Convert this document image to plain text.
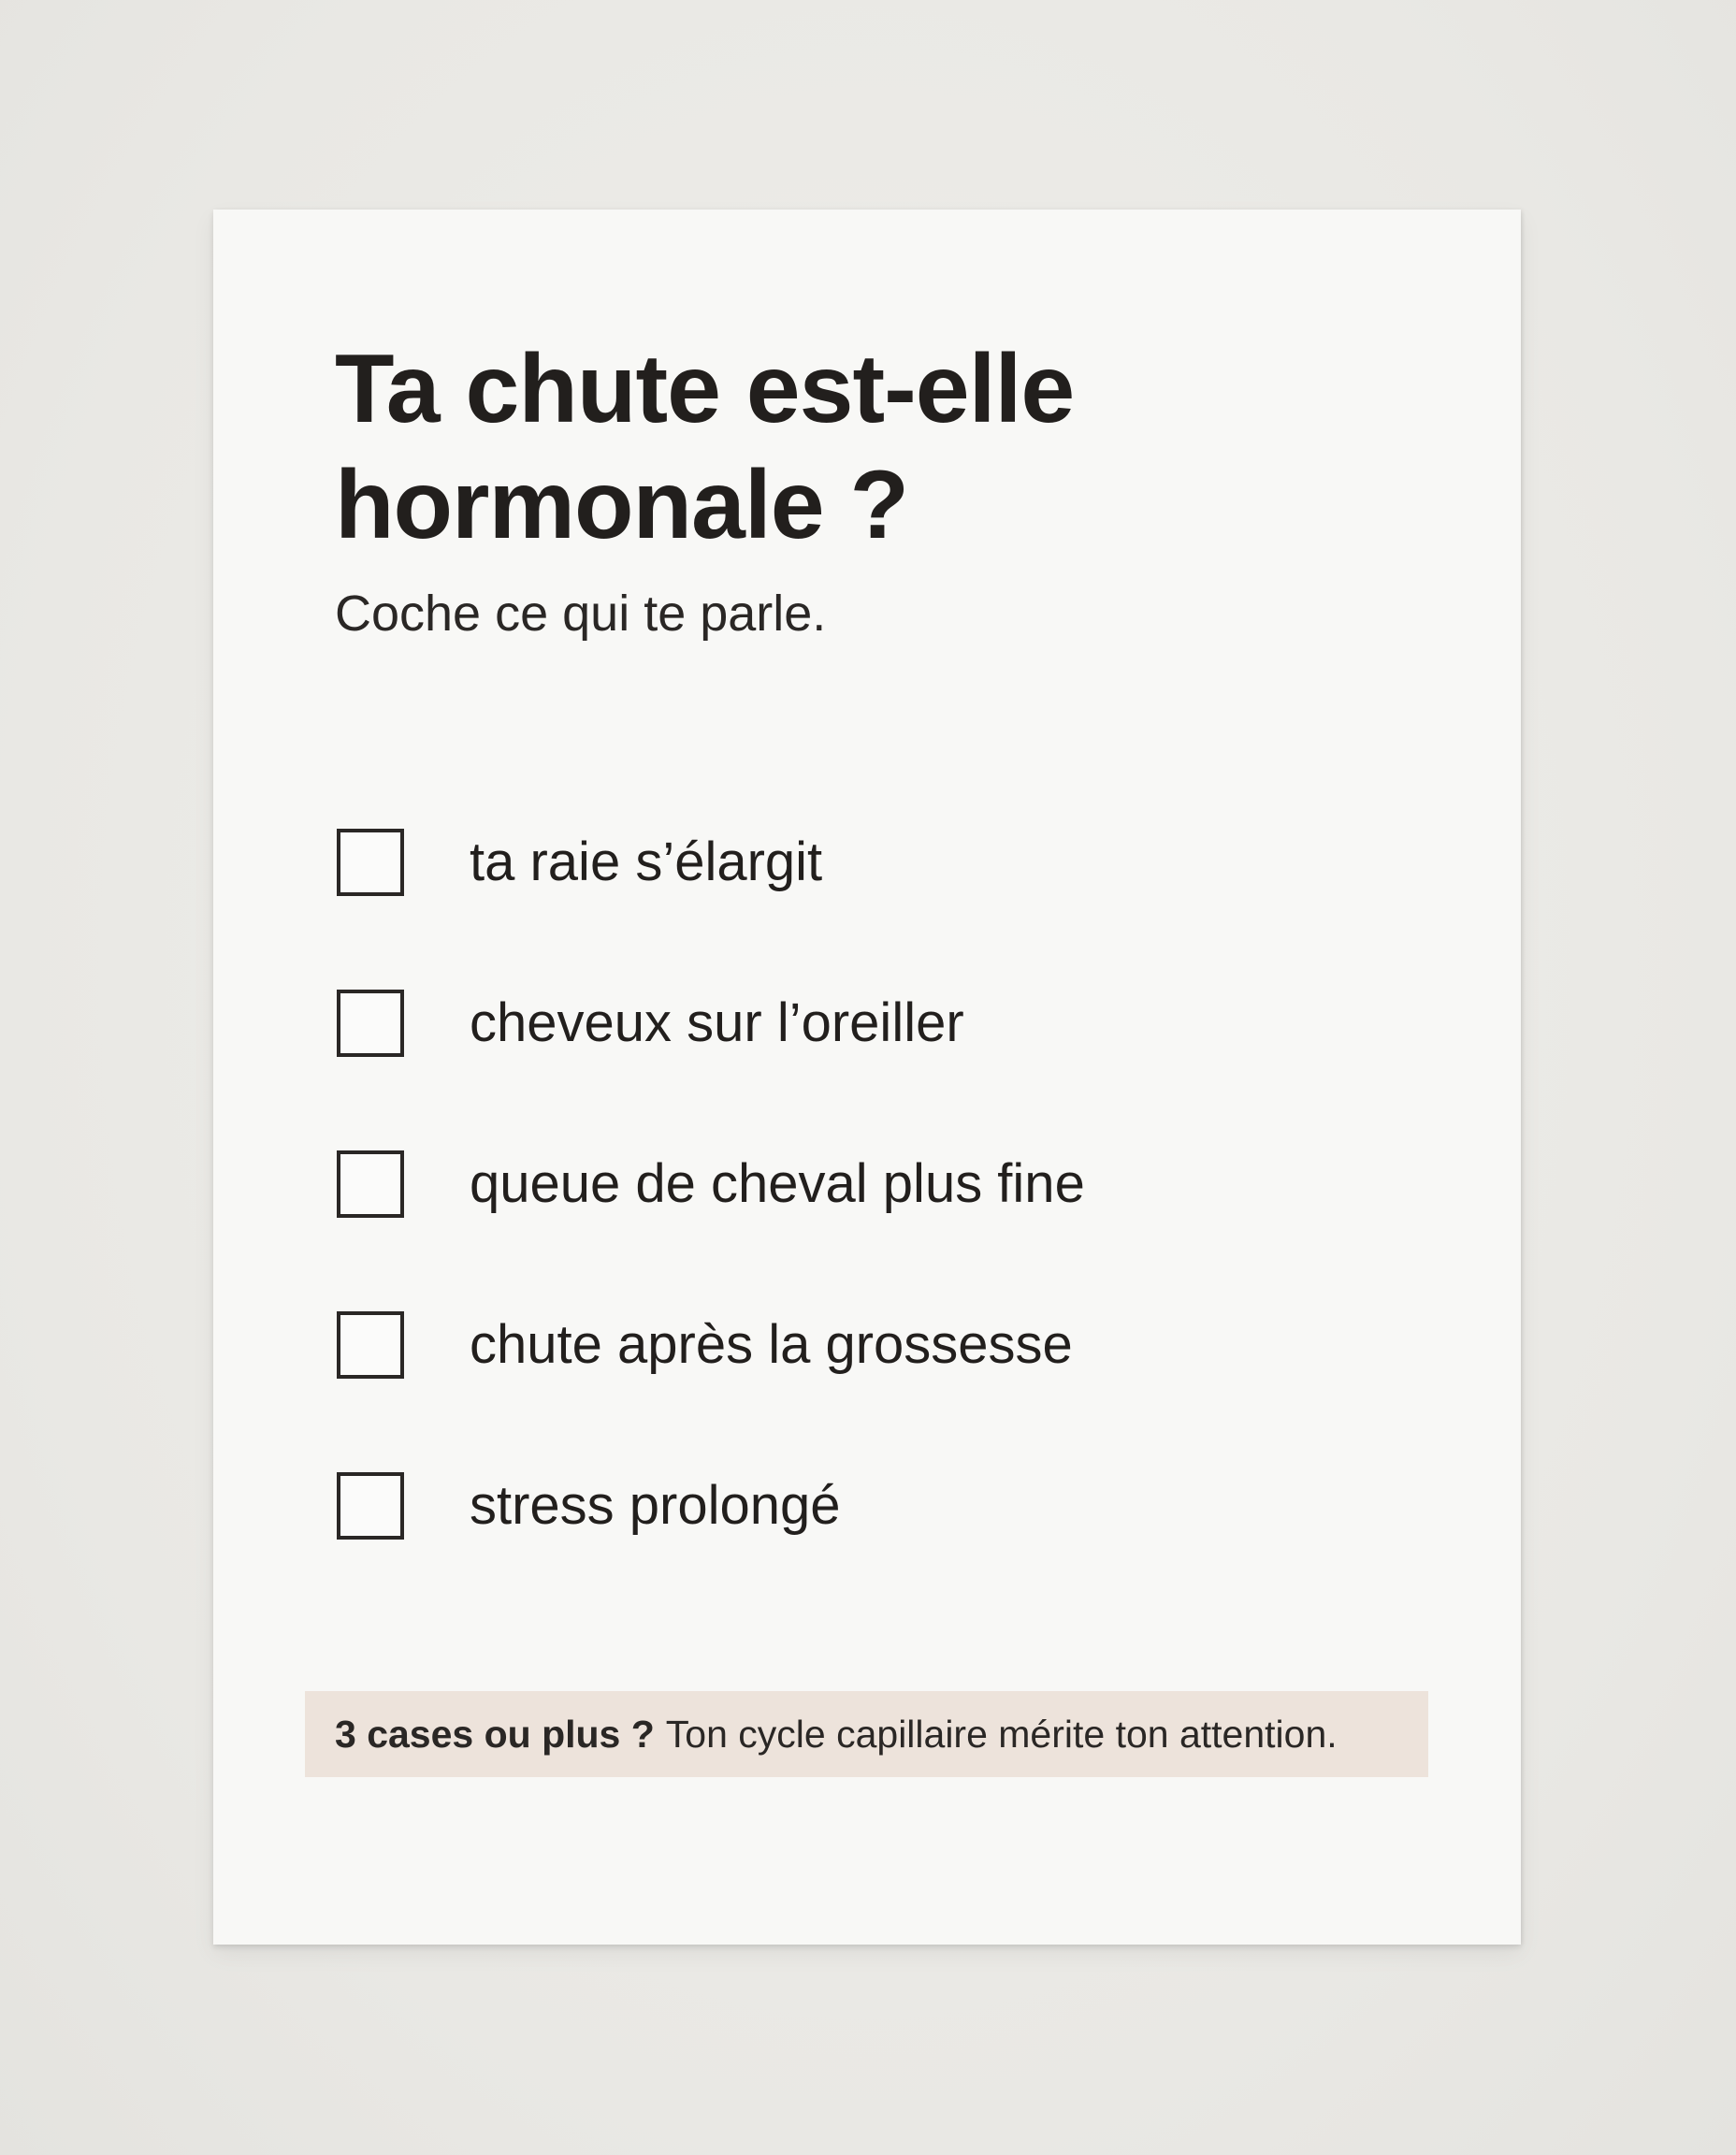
Ta chute est-elle
hormonale ?

Coche ce qui te parle.

ta raie s’élargit
cheveux sur l’oreiller
queue de cheval plus fine
chute après la grossesse
stress prolongé
3 cases ou plus ? Ton cycle capillaire mérite ton attention.
